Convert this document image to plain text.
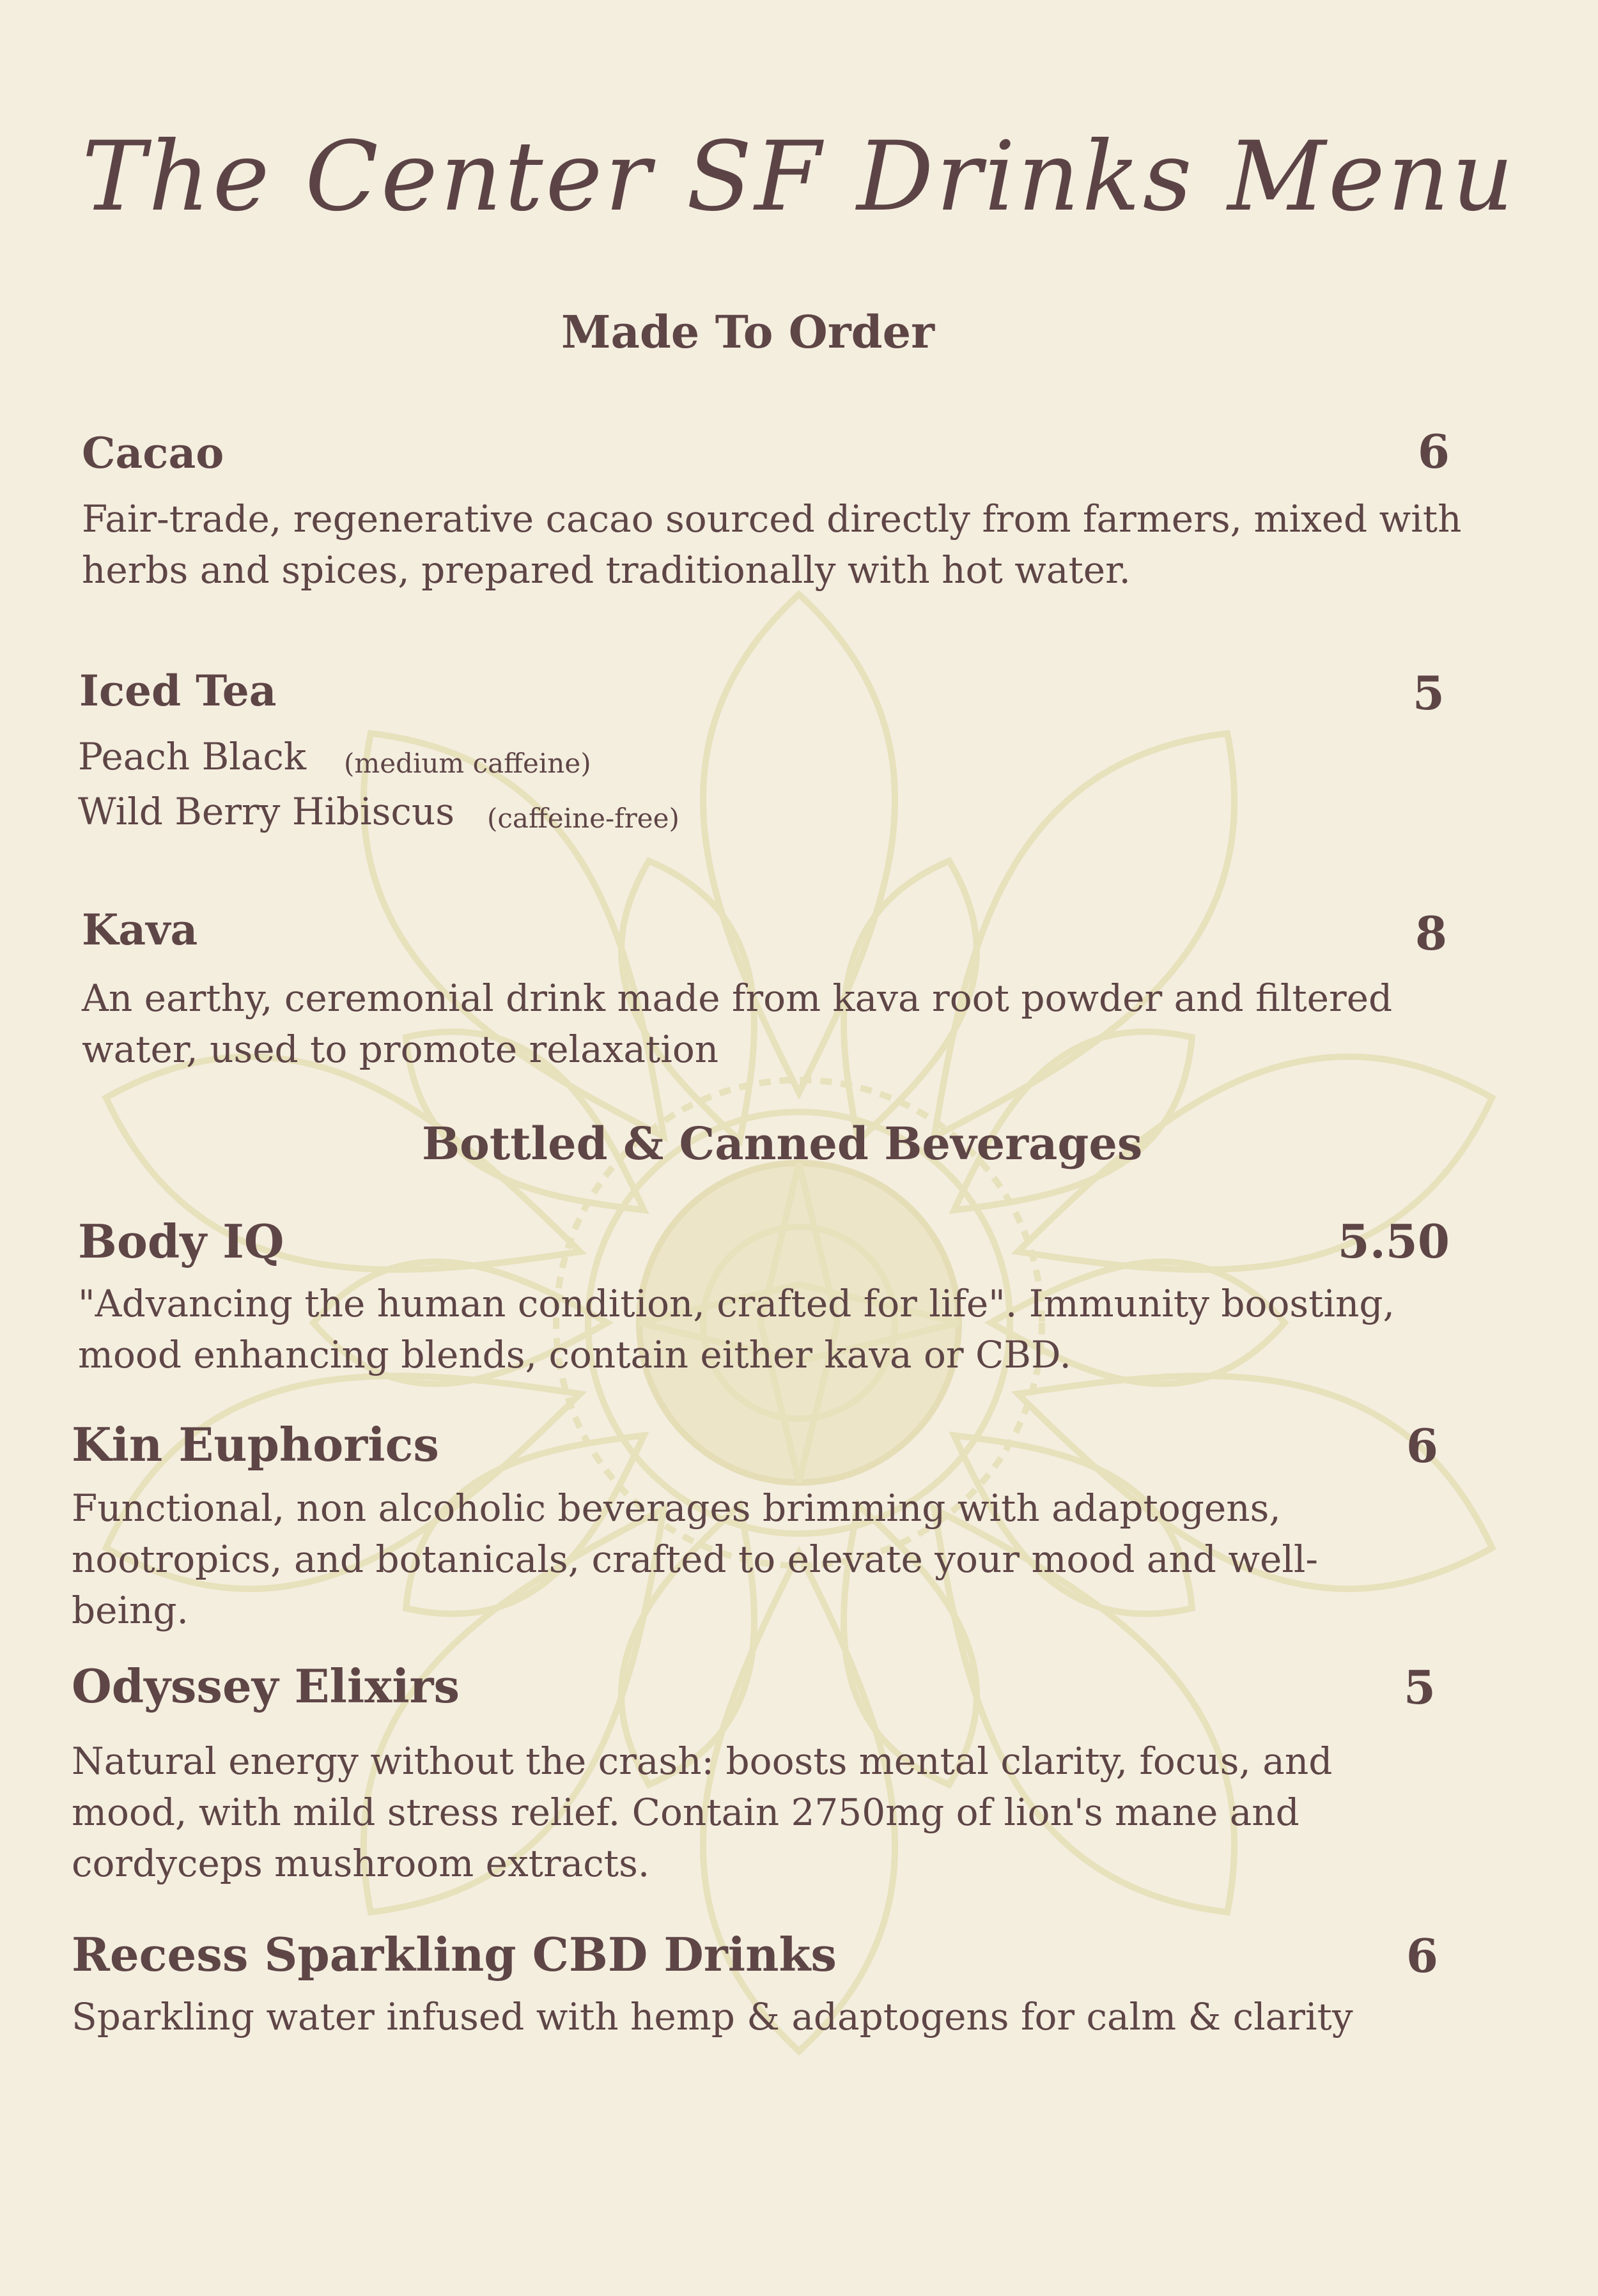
The Center SF Drinks Menu
Made To Order
Cacao	6
Fair-trade, regenerative cacao sourced directly from farmers, mixed with herbs and spices, prepared traditionally with hot water.
Iced Tea	5
Peach Black (medium caffeine)
Wild Berry Hibiscus (caffeine-free)
Kava	8
An earthy, ceremonial drink made from kava root powder and filtered water, used to promote relaxation
Bottled & Canned Beverages
Body IQ	5.50
"Advancing the human condition, crafted for life". Immunity boosting, mood enhancing blends, contain either kava or CBD.
Kin Euphorics	6
Functional, non alcoholic beverages brimming with adaptogens, nootropics, and botanicals, crafted to elevate your mood and well-being.
Odyssey Elixirs	5
Natural energy without the crash: boosts mental clarity, focus, and mood, with mild stress relief. Contain 2750mg of lion's mane and cordyceps mushroom extracts.
Recess Sparkling CBD Drinks	6
Sparkling water infused with hemp & adaptogens for calm & clarity
